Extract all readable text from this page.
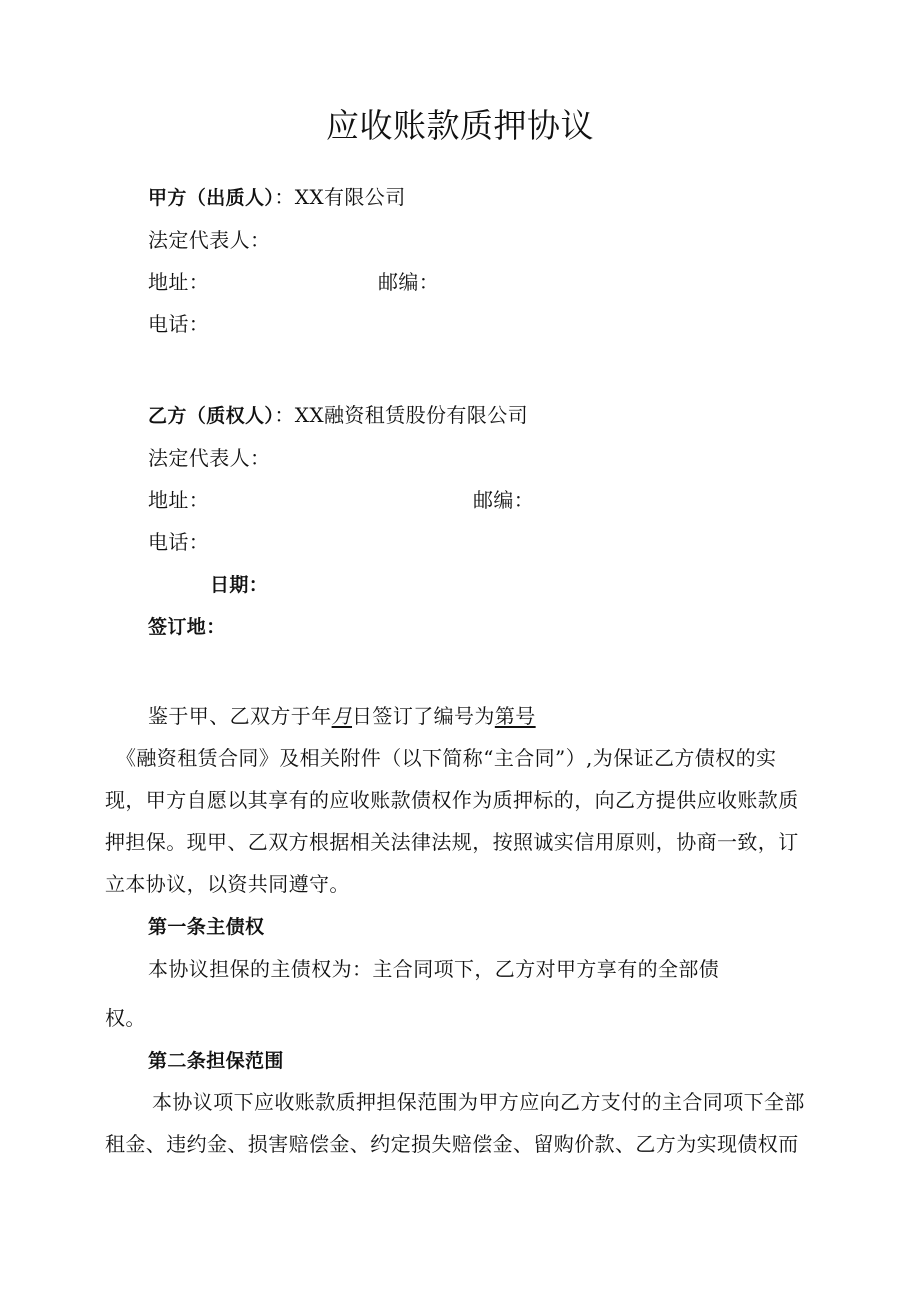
应收账款质押协议
甲方（出质人）：XX有限公司
法定代表人：
地址：	邮编：
电话：
乙方（质权人）：XX融资租赁股份有限公司
法定代表人：
地址：	邮编：
电话：
日期：
签订地：
鉴于甲、乙双方于年月日签订了编号为第号
《融资租赁合同》及相关附件（以下简称“主合同”）,为保证乙方债权的实
现，甲方自愿以其享有的应收账款债权作为质押标的，向乙方提供应收账款质
押担保。现甲、乙双方根据相关法律法规，按照诚实信用原则，协商一致，订
立本协议，以资共同遵守。
第一条主债权
本协议担保的主债权为：主合同项下，乙方对甲方享有的全部债
权。
第二条担保范围
本协议项下应收账款质押担保范围为甲方应向乙方支付的主合同项下全部
租金、违约金、损害赔偿金、约定损失赔偿金、留购价款、乙方为实现债权而
